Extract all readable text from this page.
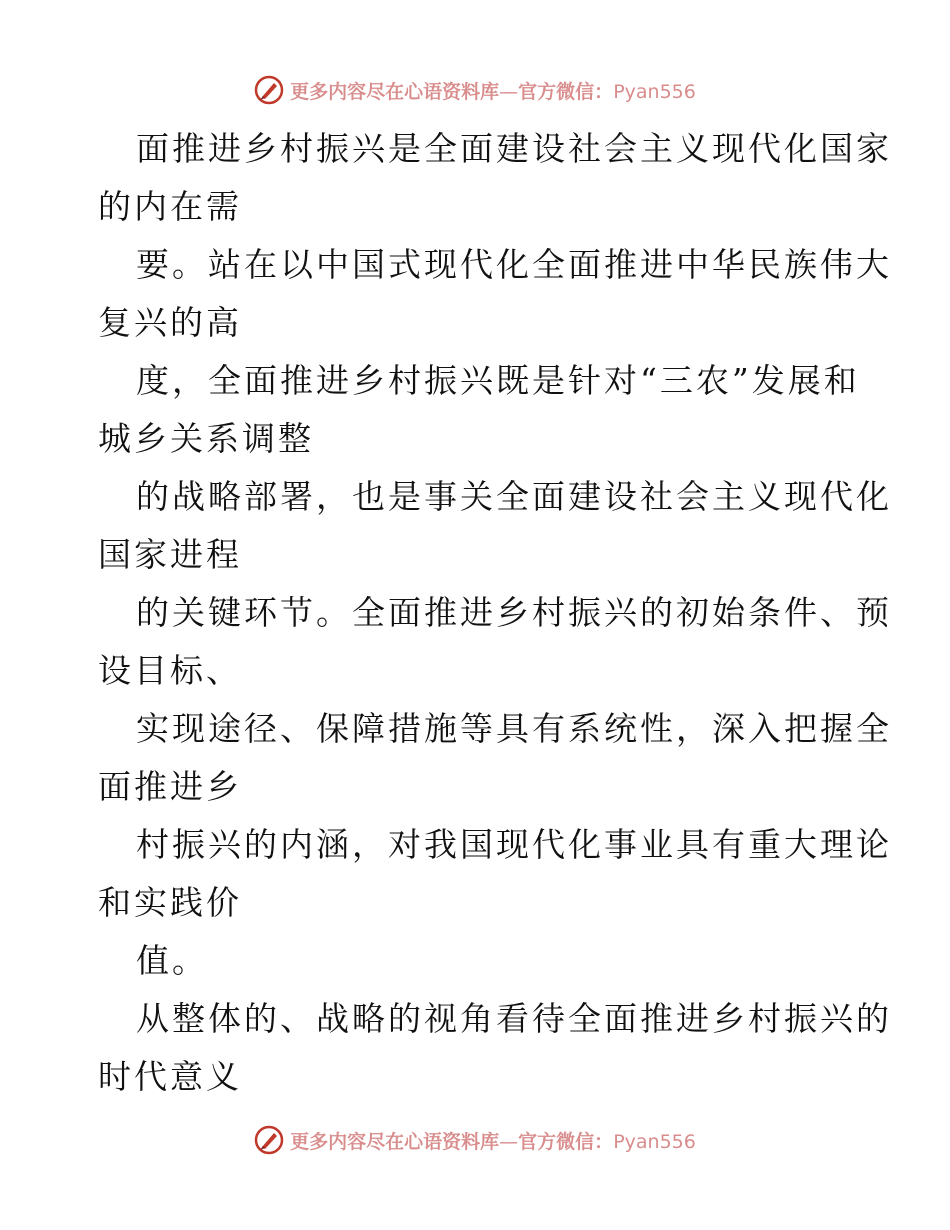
更多内容尽在心语资料库—官方微信：Pyan556
面推进乡村振兴是全面建设社会主义现代化国家
的内在需
要。站在以中国式现代化全面推进中华民族伟大
复兴的高
度，全面推进乡村振兴既是针对“三农”发展和
城乡关系调整
的战略部署，也是事关全面建设社会主义现代化
国家进程
的关键环节。全面推进乡村振兴的初始条件、预
设目标、
实现途径、保障措施等具有系统性，深入把握全
面推进乡
村振兴的内涵，对我国现代化事业具有重大理论
和实践价
值。
从整体的、战略的视角看待全面推进乡村振兴的
时代意义
更多内容尽在心语资料库—官方微信：Pyan556
